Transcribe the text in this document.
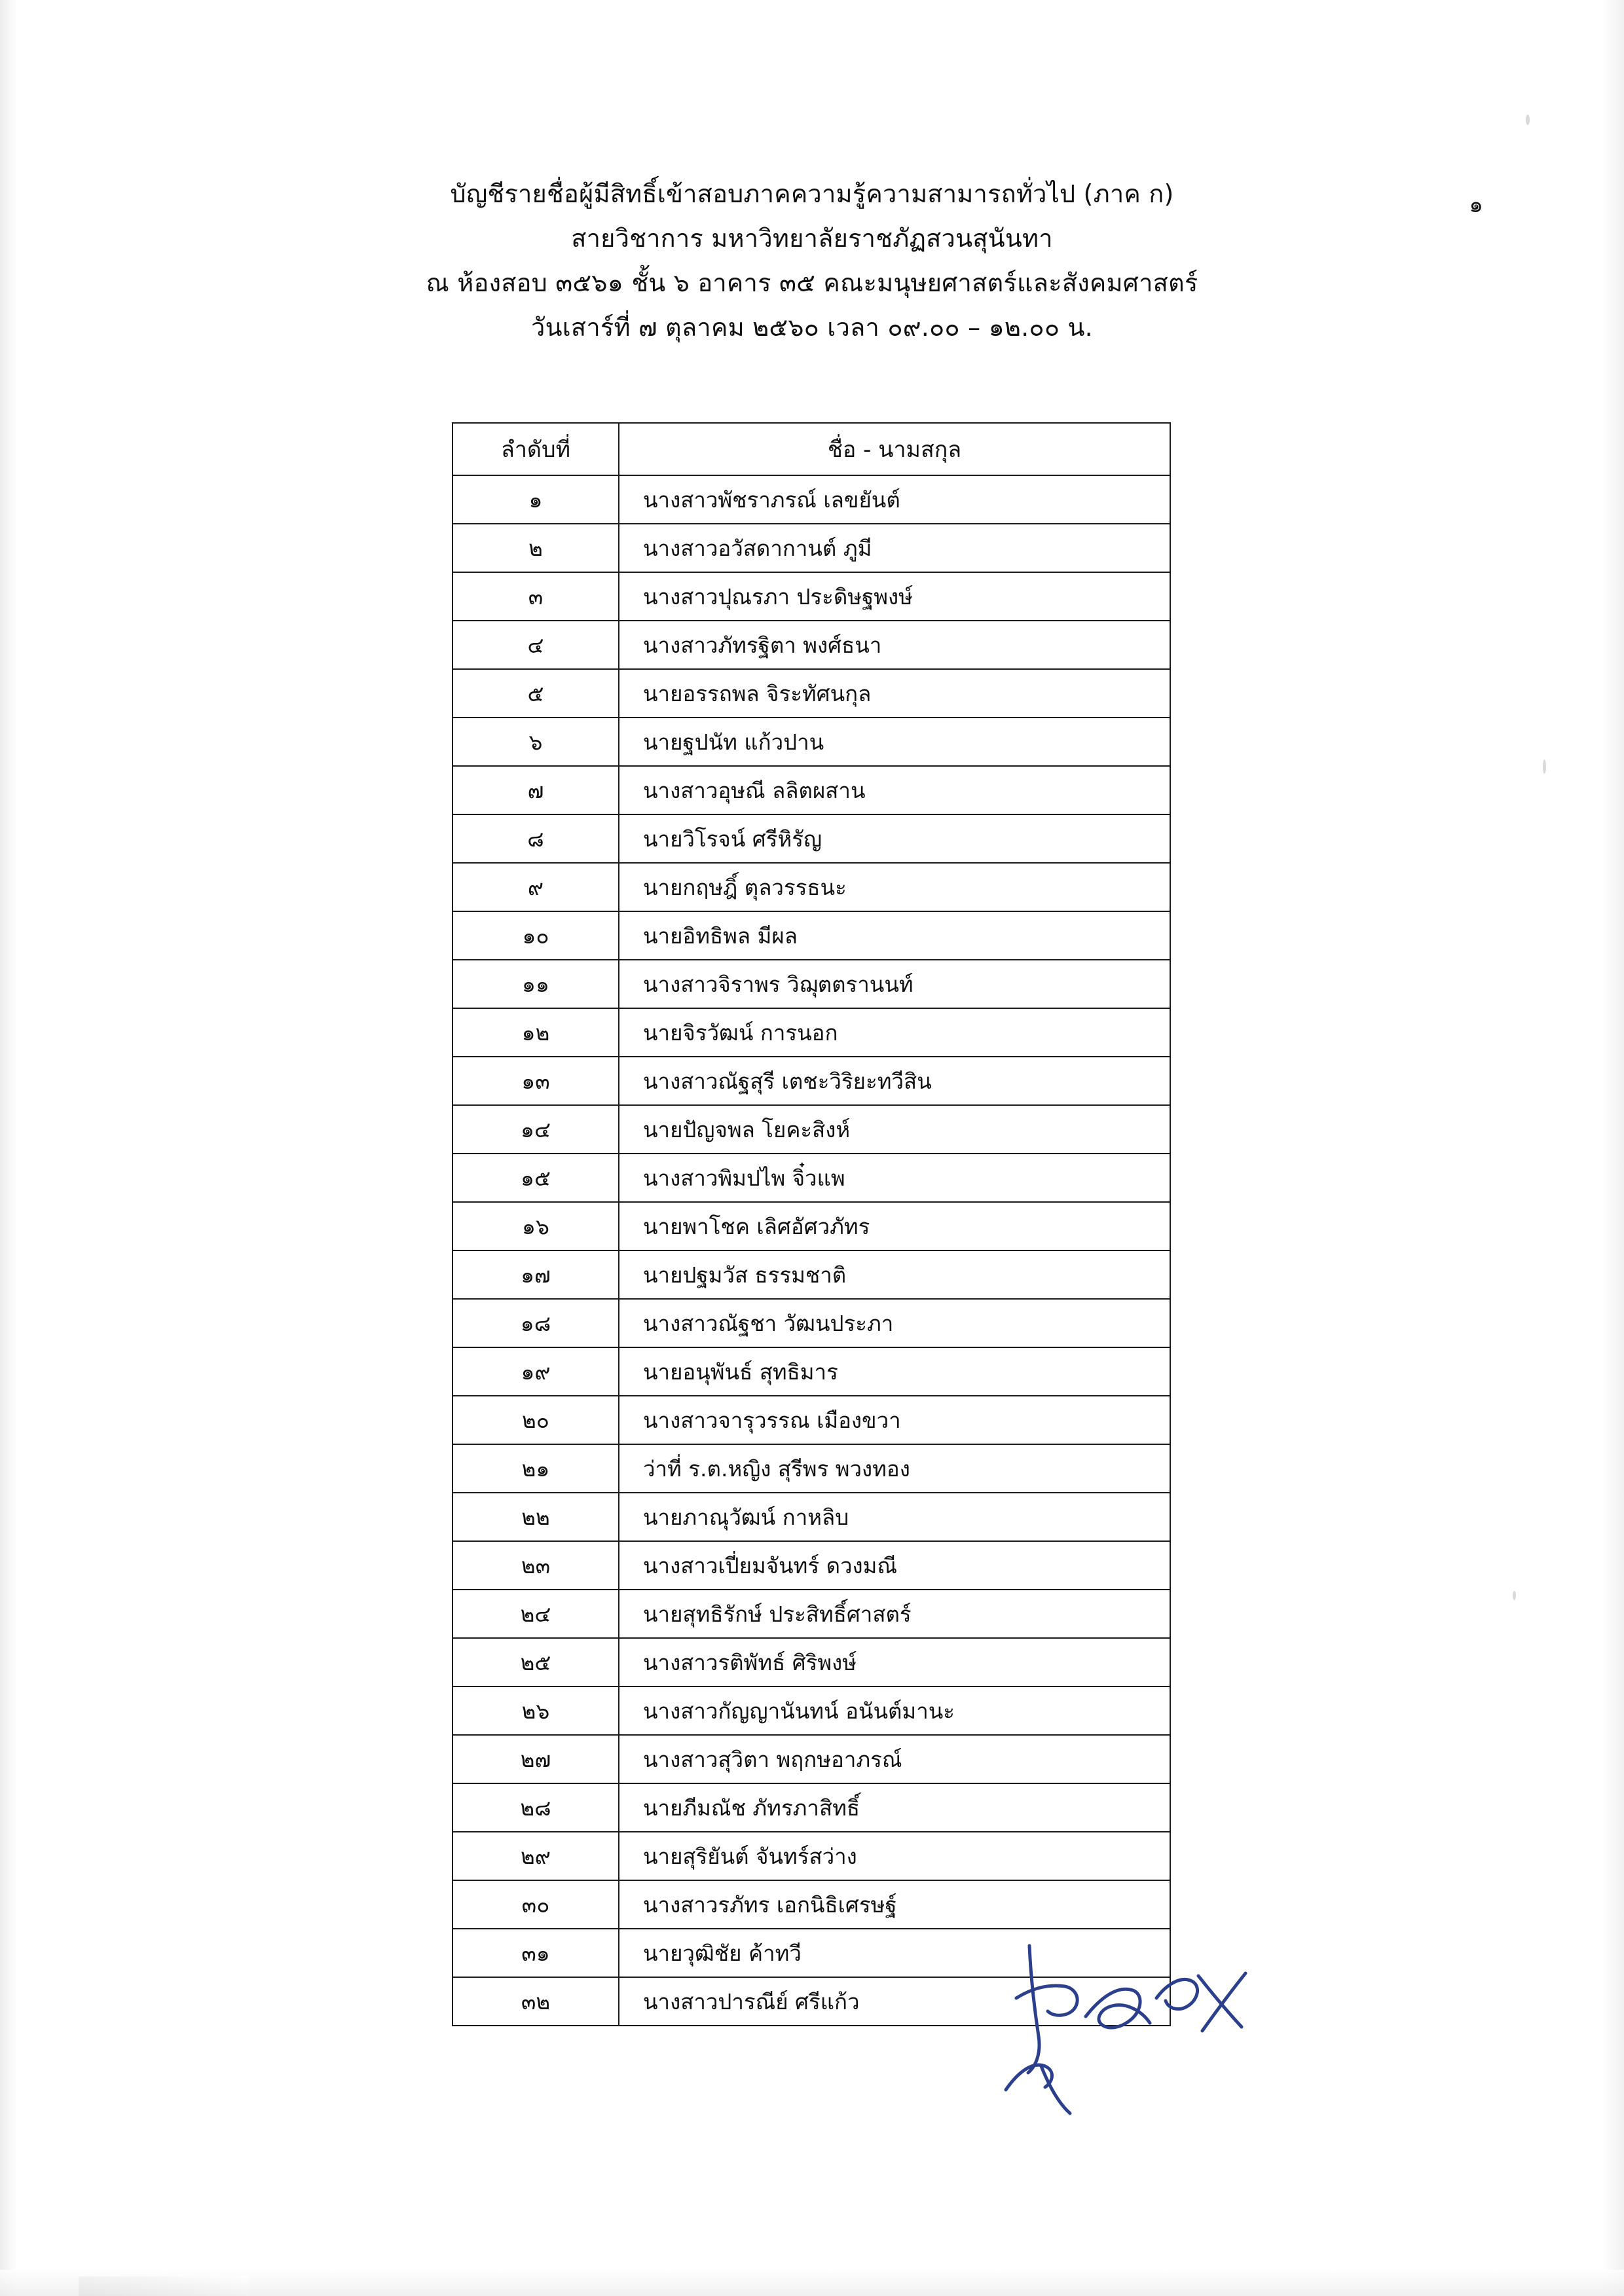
๑
บัญชีรายชื่อผู้มีสิทธิ์เข้าสอบภาคความรู้ความสามารถทั่วไป (ภาค ก)
สายวิชาการ มหาวิทยาลัยราชภัฏสวนสุนันทา
ณ ห้องสอบ ๓๕๖๑ ชั้น ๖ อาคาร ๓๕ คณะมนุษยศาสตร์และสังคมศาสตร์
วันเสาร์ที่ ๗ ตุลาคม ๒๕๖๐ เวลา ๐๙.๐๐ – ๑๒.๐๐ น.
ลำดับที่	ชื่อ - นามสกุล
๑	นางสาวพัชราภรณ์ เลขยันต์
๒	นางสาวอวัสดากานต์ ภูมี
๓	นางสาวปุณรภา ประดิษฐพงษ์
๔	นางสาวภัทรฐิตา พงศ์ธนา
๕	นายอรรถพล จิระทัศนกุล
๖	นายฐปนัท แก้วปาน
๗	นางสาวอุษณี ลลิตผสาน
๘	นายวิโรจน์ ศรีหิรัญ
๙	นายกฤษฎิ์ ตุลวรรธนะ
๑๐	นายอิทธิพล มีผล
๑๑	นางสาวจิราพร วิฌุตตรานนท์
๑๒	นายจิรวัฒน์ การนอก
๑๓	นางสาวณัฐสุรี เตชะวิริยะทวีสิน
๑๔	นายปัญจพล โยคะสิงห์
๑๕	นางสาวพิมปไพ จิ๋วแพ
๑๖	นายพาโชค เลิศอัศวภัทร
๑๗	นายปฐมวัส ธรรมชาติ
๑๘	นางสาวณัฐชา วัฒนประภา
๑๙	นายอนุพันธ์ สุทธิมาร
๒๐	นางสาวจารุวรรณ เมืองขวา
๒๑	ว่าที่ ร.ต.หญิง สุรีพร พวงทอง
๒๒	นายภาณุวัฒน์ กาหลิบ
๒๓	นางสาวเปี่ยมจันทร์ ดวงมณี
๒๔	นายสุทธิรักษ์ ประสิทธิ์ศาสตร์
๒๕	นางสาวรติพัทธ์ ศิริพงษ์
๒๖	นางสาวกัญญานันทน์ อนันต์มานะ
๒๗	นางสาวสุวิตา พฤกษอาภรณ์
๒๘	นายภีมณัช ภัทรภาสิทธิ์
๒๙	นายสุริยันต์ จันทร์สว่าง
๓๐	นางสาวรภัทร เอกนิธิเศรษฐ์
๓๑	นายวุฒิชัย ค้าทวี
๓๒	นางสาวปารณีย์ ศรีแก้ว
